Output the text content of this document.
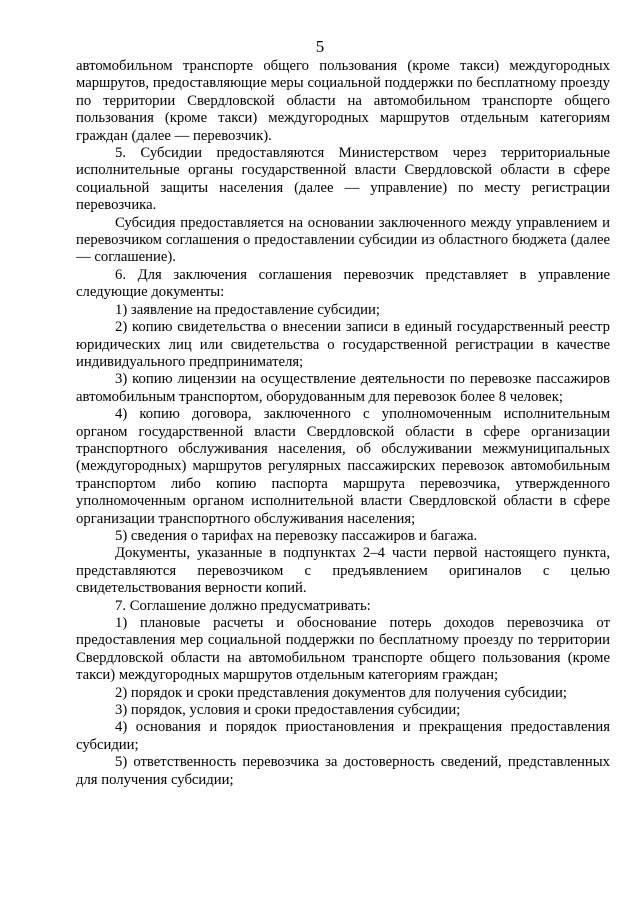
5

автомобильном транспорте общего пользования (кроме такси) междугородных маршрутов, предоставляющие меры социальной поддержки по бесплатному проезду по территории Свердловской области на автомобильном транспорте общего пользования (кроме такси) междугородных маршрутов отдельным категориям граждан (далее — перевозчик).

5. Субсидии предоставляются Министерством через территориальные исполнительные органы государственной власти Свердловской области в сфере социальной защиты населения (далее — управление) по месту регистрации перевозчика.

Субсидия предоставляется на основании заключенного между управлением и перевозчиком соглашения о предоставлении субсидии из областного бюджета (далее — соглашение).

6. Для заключения соглашения перевозчик представляет в управление следующие документы:

1) заявление на предоставление субсидии;

2) копию свидетельства о внесении записи в единый государственный реестр юридических лиц или свидетельства о государственной регистрации в качестве индивидуального предпринимателя;

3) копию лицензии на осуществление деятельности по перевозке пассажиров автомобильным транспортом, оборудованным для перевозок более 8 человек;

4) копию договора, заключенного с уполномоченным исполнительным органом государственной власти Свердловской области в сфере организации транспортного обслуживания населения, об обслуживании межмуниципальных (междугородных) маршрутов регулярных пассажирских перевозок автомобильным транспортом либо копию паспорта маршрута перевозчика, утвержденного уполномоченным органом исполнительной власти Свердловской области в сфере организации транспортного обслуживания населения;

5) сведения о тарифах на перевозку пассажиров и багажа.

Документы, указанные в подпунктах 2–4 части первой настоящего пункта, представляются перевозчиком с предъявлением оригиналов с целью свидетельствования верности копий.

7. Соглашение должно предусматривать:

1) плановые расчеты и обоснование потерь доходов перевозчика от предоставления мер социальной поддержки по бесплатному проезду по территории Свердловской области на автомобильном транспорте общего пользования (кроме такси) междугородных маршрутов отдельным категориям граждан;

2) порядок и сроки представления документов для получения субсидии;

3) порядок, условия и сроки предоставления субсидии;

4) основания и порядок приостановления и прекращения предоставления субсидии;

5) ответственность перевозчика за достоверность сведений, представленных для получения субсидии;
